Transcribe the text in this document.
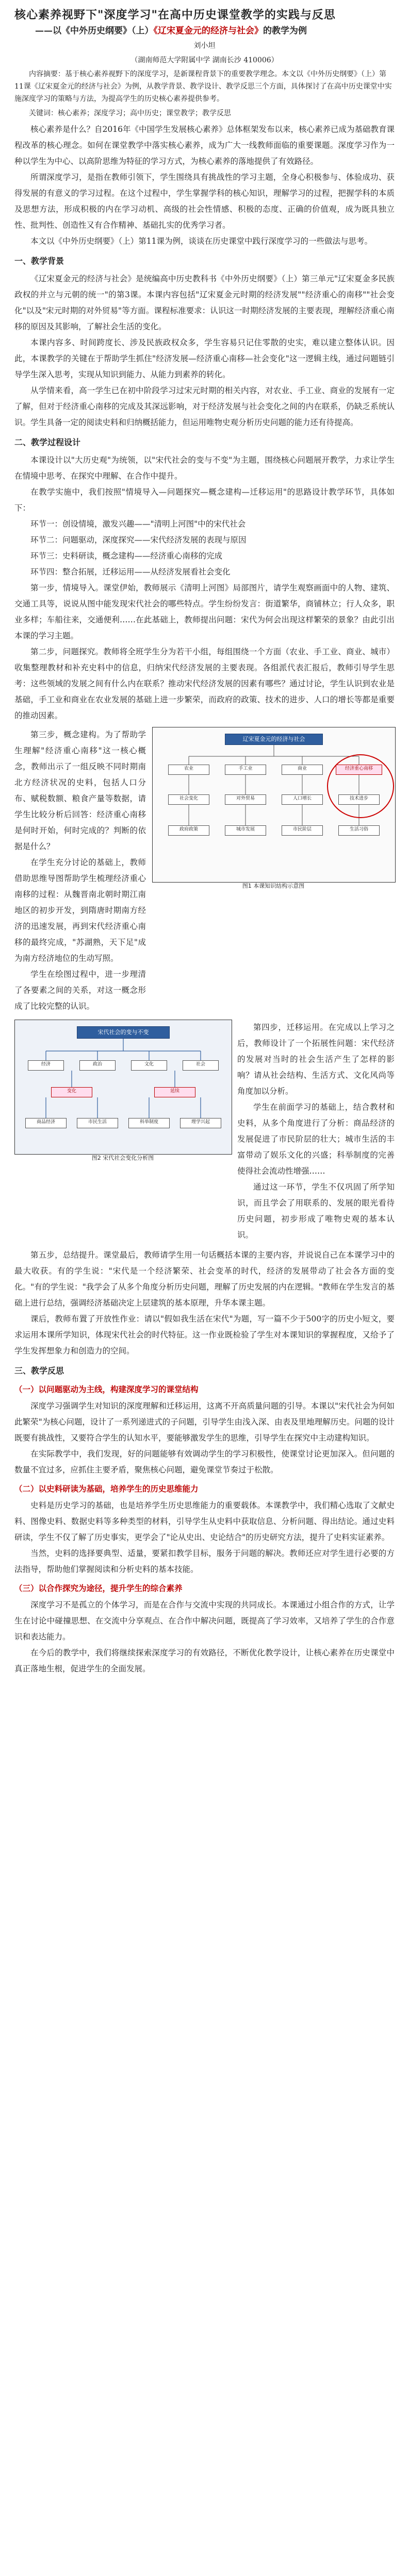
核心素养视野下"深度学习"在高中历史课堂教学的实践与反思
——以《中外历史纲要》（上）《辽宋夏金元的经济与社会》的教学为例
刘小坦
（湖南师范大学附属中学 湖南长沙 410006）

内容摘要：基于核心素养视野下的深度学习，是新课程背景下的重要教学理念。本文以《中外历史纲要》（上）第11课《辽宋夏金元的经济与社会》为例，从教学背景、教学设计、教学反思三个方面，具体探讨了在高中历史课堂中实施深度学习的策略与方法，为提高学生的历史核心素养提供参考。

关键词：核心素养；深度学习；高中历史；课堂教学；教学反思

核心素养是什么？自2016年《中国学生发展核心素养》总体框架发布以来，核心素养已成为基础教育课程改革的核心理念。如何在课堂教学中落实核心素养，成为广大一线教师面临的重要课题。深度学习作为一种以学生为中心、以高阶思维为特征的学习方式，为核心素养的落地提供了有效路径。

所谓深度学习，是指在教师引领下，学生围绕具有挑战性的学习主题，全身心积极参与、体验成功、获得发展的有意义的学习过程。在这个过程中，学生掌握学科的核心知识，理解学习的过程，把握学科的本质及思想方法，形成积极的内在学习动机、高级的社会性情感、积极的态度、正确的价值观，成为既具独立性、批判性、创造性又有合作精神、基础扎实的优秀学习者。

本文以《中外历史纲要》（上）第11课为例，谈谈在历史课堂中践行深度学习的一些做法与思考。

一、教学背景

《辽宋夏金元的经济与社会》是统编高中历史教科书《中外历史纲要》（上）第三单元"辽宋夏金多民族政权的并立与元朝的统一"的第3课。本课内容包括"辽宋夏金元时期的经济发展""经济重心的南移""社会变化"以及"宋元时期的对外贸易"等方面。课程标准要求：认识这一时期经济发展的主要表现，理解经济重心南移的原因及其影响，了解社会生活的变化。

本课内容多、时间跨度长、涉及民族政权众多，学生容易只记住零散的史实，难以建立整体认识。因此，本课教学的关键在于帮助学生抓住"经济发展—经济重心南移—社会变化"这一逻辑主线，通过问题链引导学生深入思考，实现从知识到能力、从能力到素养的转化。

从学情来看，高一学生已在初中阶段学习过宋元时期的相关内容，对农业、手工业、商业的发展有一定了解，但对于经济重心南移的完成及其深远影响，对于经济发展与社会变化之间的内在联系，仍缺乏系统认识。学生具备一定的阅读史料和归纳概括能力，但运用唯物史观分析历史问题的能力还有待提高。

二、教学过程设计

本课设计以"大历史观"为统领，以"宋代社会的变与不变"为主题，围绕核心问题展开教学，力求让学生在情境中思考、在探究中理解、在合作中提升。

在教学实施中，我们按照"情境导入—问题探究—概念建构—迁移运用"的思路设计教学环节，具体如下：

环节一：创设情境，激发兴趣——"清明上河图"中的宋代社会
环节二：问题驱动，深度探究——宋代经济发展的表现与原因
环节三：史料研读，概念建构——经济重心南移的完成
环节四：整合拓展，迁移运用——从经济发展看社会变化

第一步，情境导入。课堂伊始，教师展示《清明上河图》局部图片，请学生观察画面中的人物、建筑、交通工具等，说说从图中能发现宋代社会的哪些特点。学生纷纷发言：街道繁华，商铺林立；行人众多，职业多样；车船往来，交通便利……在此基础上，教师提出问题：宋代为何会出现这样繁荣的景象？由此引出本课的学习主题。

第二步，问题探究。教师将全班学生分为若干小组，每组围绕一个方面（农业、手工业、商业、城市）收集整理教材和补充史料中的信息，归纳宋代经济发展的主要表现。各组派代表汇报后，教师引导学生思考：这些领域的发展之间有什么内在联系？推动宋代经济发展的因素有哪些？通过讨论，学生认识到农业是基础，手工业和商业在农业发展的基础上进一步繁荣，而政府的政策、技术的进步、人口的增长等都是重要的推动因素。

第三步，概念建构。为了帮助学生理解"经济重心南移"这一核心概念，教师出示了一组反映不同时期南北方经济状况的史料，包括人口分布、赋税数额、粮食产量等数据，请学生比较分析后回答：经济重心南移是何时开始，何时完成的？判断的依据是什么？

在学生充分讨论的基础上，教师借助思维导图帮助学生梳理经济重心南移的过程：从魏晋南北朝时期江南地区的初步开发，到隋唐时期南方经济的迅速发展，再到宋代经济重心南移的最终完成，"苏湖熟，天下足"成为南方经济地位的生动写照。

学生在绘图过程中，进一步理清了各要素之间的关系，对这一概念形成了比较完整的认识。

辽宋夏金元的经济与社会
农业	手工业	商业	经济重心南移
社会变化	对外贸易	人口增长	技术进步
政府政策	城市发展	市民阶层	生活习俗
图1 本课知识结构示意图
宋代社会的变与不变
经济	政治	文化	社会
变化	延续
商品经济	市民生活	科举制度	理学兴起
图2 宋代社会变化分析图

第四步，迁移运用。在完成以上学习之后，教师设计了一个拓展性问题：宋代经济的发展对当时的社会生活产生了怎样的影响？请从社会结构、生活方式、文化风尚等角度加以分析。

学生在前面学习的基础上，结合教材和史料，从多个角度进行了分析：商品经济的发展促进了市民阶层的壮大；城市生活的丰富带动了娱乐文化的兴盛；科举制度的完善使得社会流动性增强……

通过这一环节，学生不仅巩固了所学知识，而且学会了用联系的、发展的眼光看待历史问题，初步形成了唯物史观的基本认识。

第五步，总结提升。课堂最后，教师请学生用一句话概括本课的主要内容，并说说自己在本课学习中的最大收获。有的学生说："宋代是一个经济繁荣、社会变革的时代，经济的发展带动了社会各方面的变化。"有的学生说："我学会了从多个角度分析历史问题，理解了历史发展的内在逻辑。"教师在学生发言的基础上进行总结，强调经济基础决定上层建筑的基本原理，升华本课主题。

课后，教师布置了开放性作业：请以"假如我生活在宋代"为题，写一篇不少于500字的历史小短文，要求运用本课所学知识，体现宋代社会的时代特征。这一作业既检验了学生对本课知识的掌握程度，又给予了学生发挥想象力和创造力的空间。

三、教学反思
（一）以问题驱动为主线，构建深度学习的课堂结构

深度学习强调学生对知识的深度理解和迁移运用，这离不开高质量问题的引导。本课以"宋代社会为何如此繁荣"为核心问题，设计了一系列递进式的子问题，引导学生由浅入深、由表及里地理解历史。问题的设计既要有挑战性，又要符合学生的认知水平，要能够激发学生的思维，引导学生在探究中主动建构知识。

在实际教学中，我们发现，好的问题能够有效调动学生的学习积极性，使课堂讨论更加深入。但问题的数量不宜过多，应抓住主要矛盾，聚焦核心问题，避免课堂节奏过于松散。

（二）以史料研读为基础，培养学生的历史思维能力

史料是历史学习的基础，也是培养学生历史思维能力的重要载体。本课教学中，我们精心选取了文献史料、图像史料、数据史料等多种类型的材料，引导学生从史料中获取信息、分析问题、得出结论。通过史料研读，学生不仅了解了历史事实，更学会了"论从史出、史论结合"的历史研究方法，提升了史料实证素养。

当然，史料的选择要典型、适量，要紧扣教学目标，服务于问题的解决。教师还应对学生进行必要的方法指导，帮助他们掌握阅读和分析史料的基本技能。

（三）以合作探究为途径，提升学生的综合素养

深度学习不是孤立的个体学习，而是在合作与交流中实现的共同成长。本课通过小组合作的方式，让学生在讨论中碰撞思想、在交流中分享观点、在合作中解决问题，既提高了学习效率，又培养了学生的合作意识和表达能力。

在今后的教学中，我们将继续探索深度学习的有效路径，不断优化教学设计，让核心素养在历史课堂中真正落地生根，促进学生的全面发展。
